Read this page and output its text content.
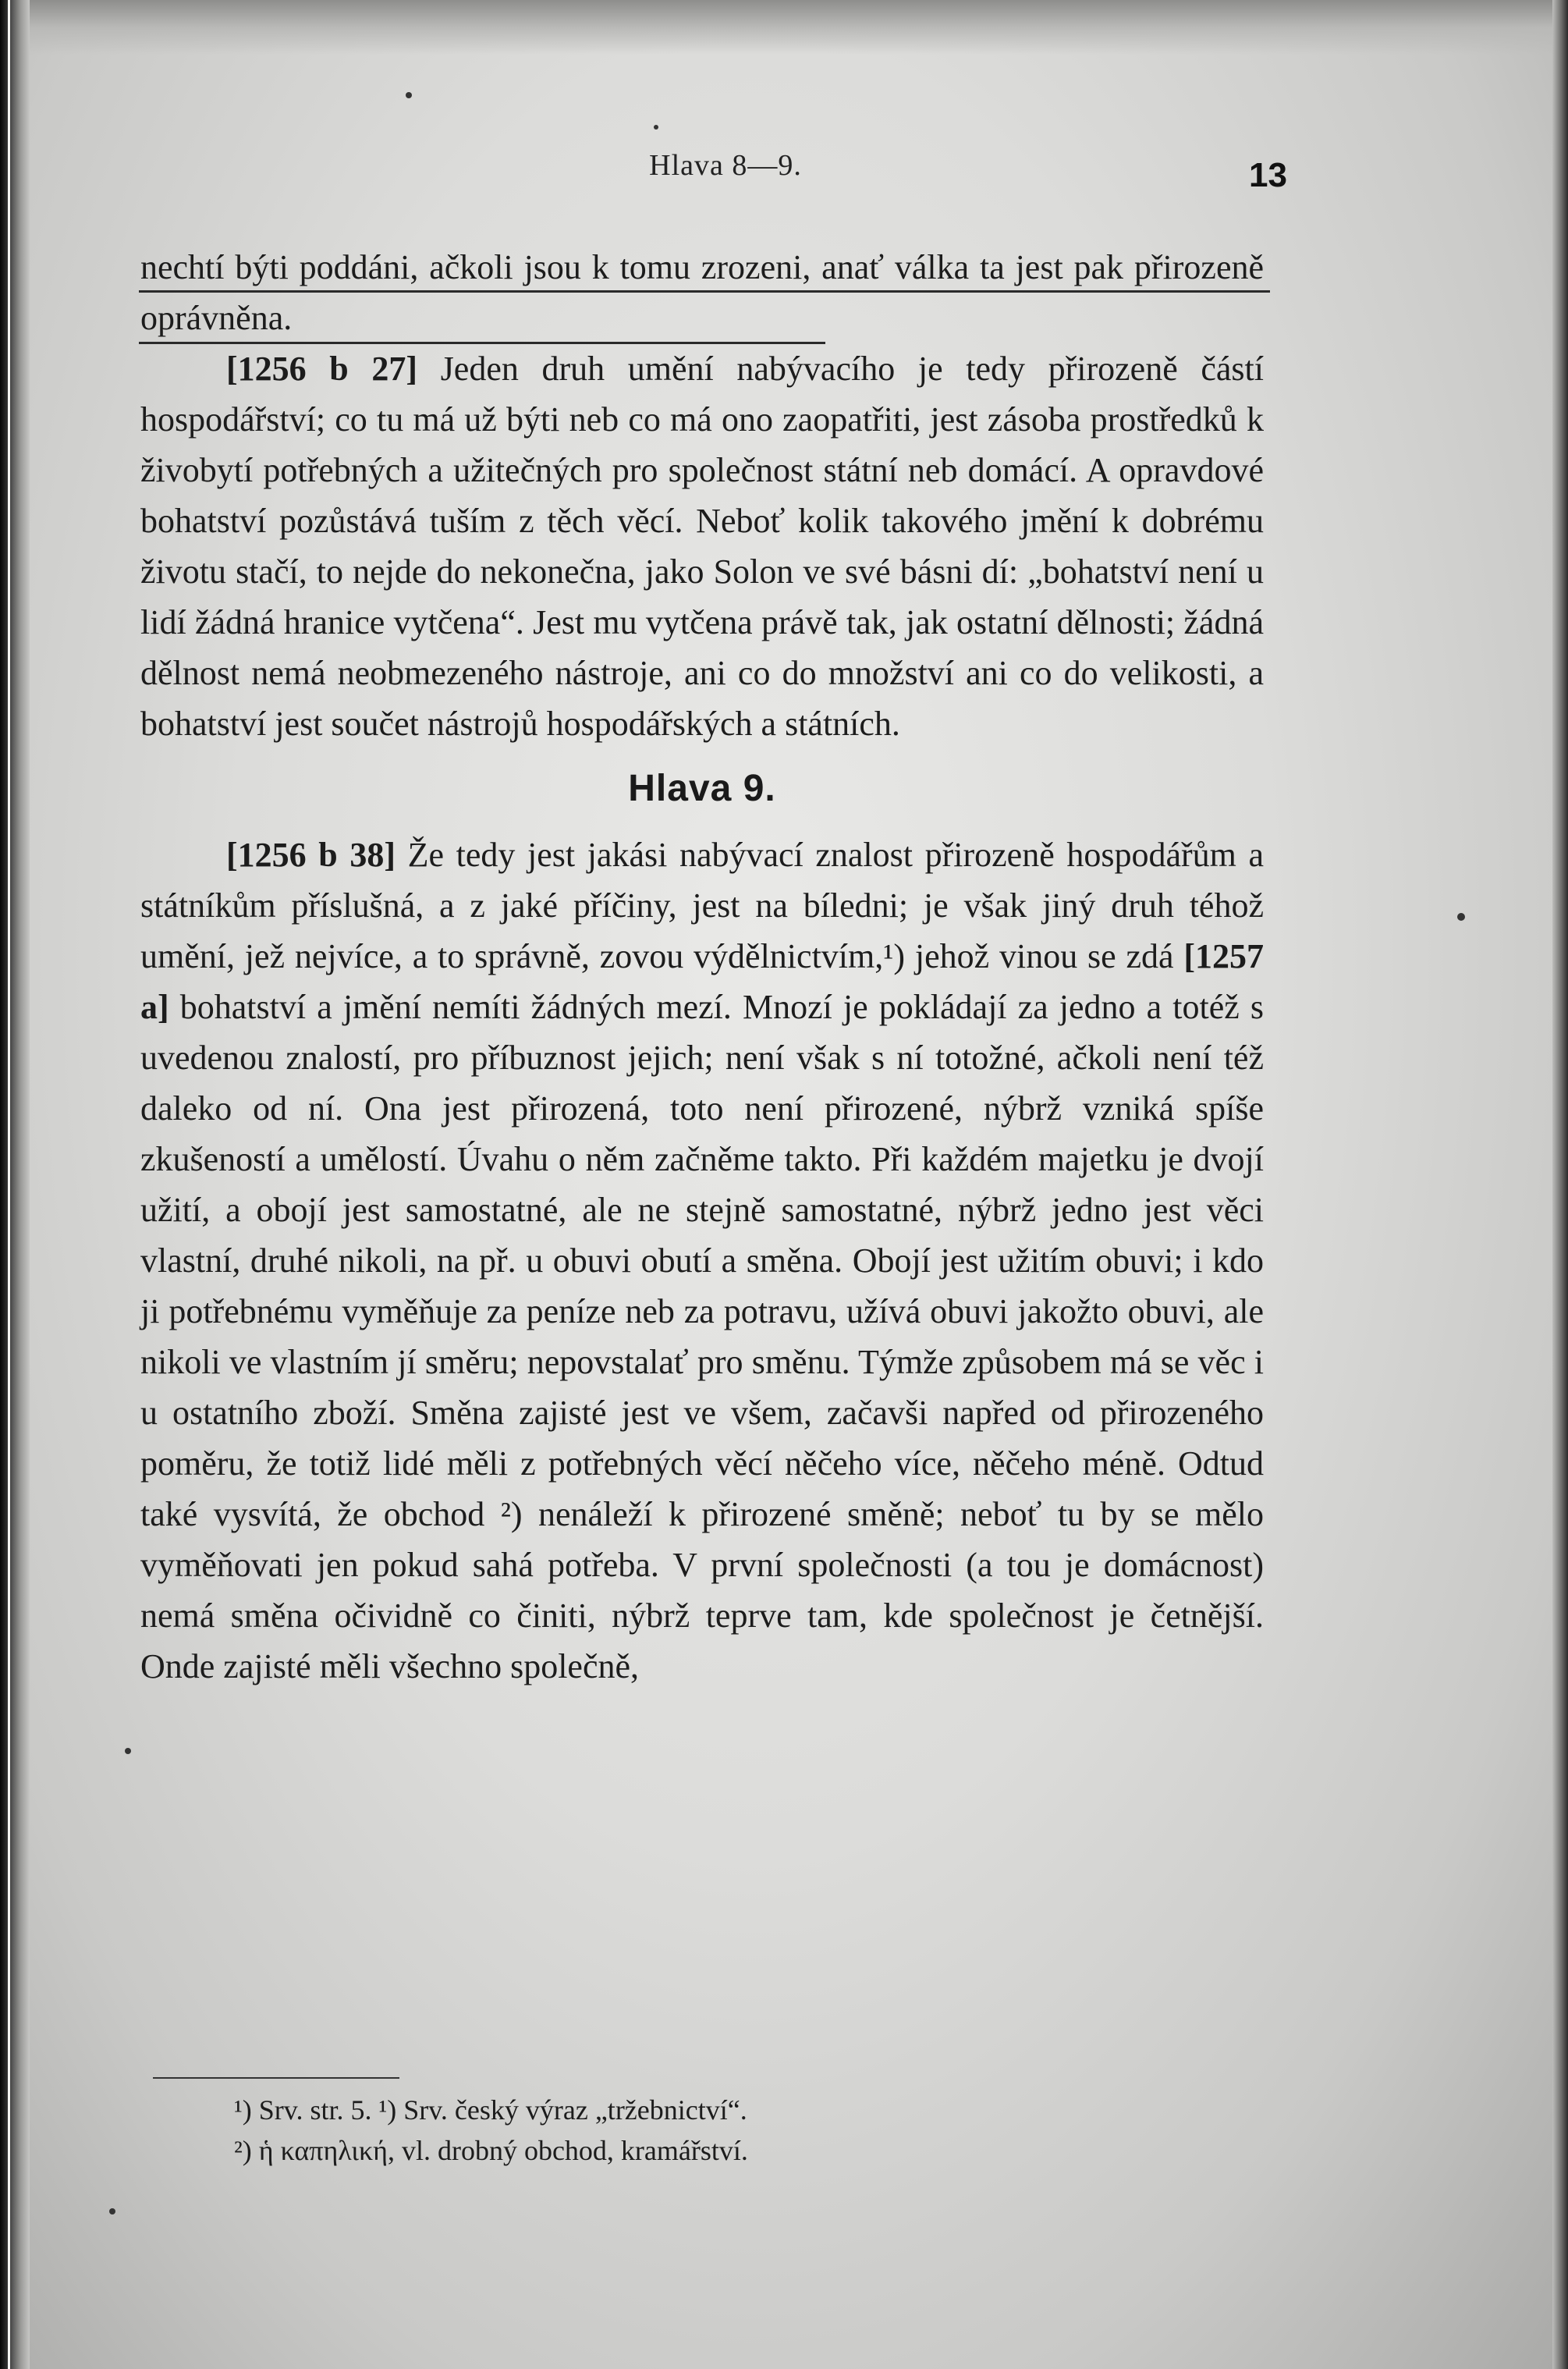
Hlava 8—9.	13

nechtí býti poddáni, ačkoli jsou k tomu zrozeni, anať válka ta jest pak přirozeně oprávněna.

[1256 b 27] Jeden druh umění nabývacího je tedy přirozeně částí hospodářství; co tu má už býti neb co má ono zaopatřiti, jest zásoba prostředků k živobytí potřebných a užitečných pro společnost státní neb domácí. A opravdové bohatství pozůstává tuším z těch věcí. Neboť kolik takového jmění k dobrému životu stačí, to nejde do nekonečna, jako Solon ve své básni dí: „bohatství není u lidí žádná hranice vytčena“. Jest mu vytčena právě tak, jak ostatní dělnosti; žádná dělnost nemá neobmezeného nástroje, ani co do množství ani co do velikosti, a bohatství jest součet nástrojů hospodářských a státních.

Hlava 9.

[1256 b 38] Že tedy jest jakási nabývací znalost přirozeně hospodářům a státníkům příslušná, a z jaké příčiny, jest na bíledni; je však jiný druh téhož umění, jež nejvíce, a to správně, zovou výdělnictvím,¹) jehož vinou se zdá [1257 a] bohatství a jmění nemíti žádných mezí. Mnozí je pokládají za jedno a totéž s uvedenou znalostí, pro příbuznost jejich; není však s ní totožné, ačkoli není též daleko od ní. Ona jest přirozená, toto není přirozené, nýbrž vzniká spíše zkušeností a umělostí. Úvahu o něm začněme takto. Při každém majetku je dvojí užití, a obojí jest samostatné, ale ne stejně samostatné, nýbrž jedno jest věci vlastní, druhé nikoli, na př. u obuvi obutí a směna. Obojí jest užitím obuvi; i kdo ji potřebnému vyměňuje za peníze neb za potravu, užívá obuvi jakožto obuvi, ale nikoli ve vlastním jí směru; nepovstalať pro směnu. Týmže způsobem má se věc i u ostatního zboží. Směna zajisté jest ve všem, začavši napřed od přirozeného poměru, že totiž lidé měli z potřebných věcí něčeho více, něčeho méně. Odtud také vysvítá, že obchod ²) nenáleží k přirozené směně; neboť tu by se mělo vyměňovati jen pokud sahá potřeba. V první společnosti (a tou je domácnost) nemá směna očividně co činiti, nýbrž teprve tam, kde společnost je četnější. Onde zajisté měli všechno společně,

¹) Srv. str. 5. ¹) Srv. český výraz „tržebnictví“.

²) ἡ καπηλική, vl. drobný obchod, kramářství.
